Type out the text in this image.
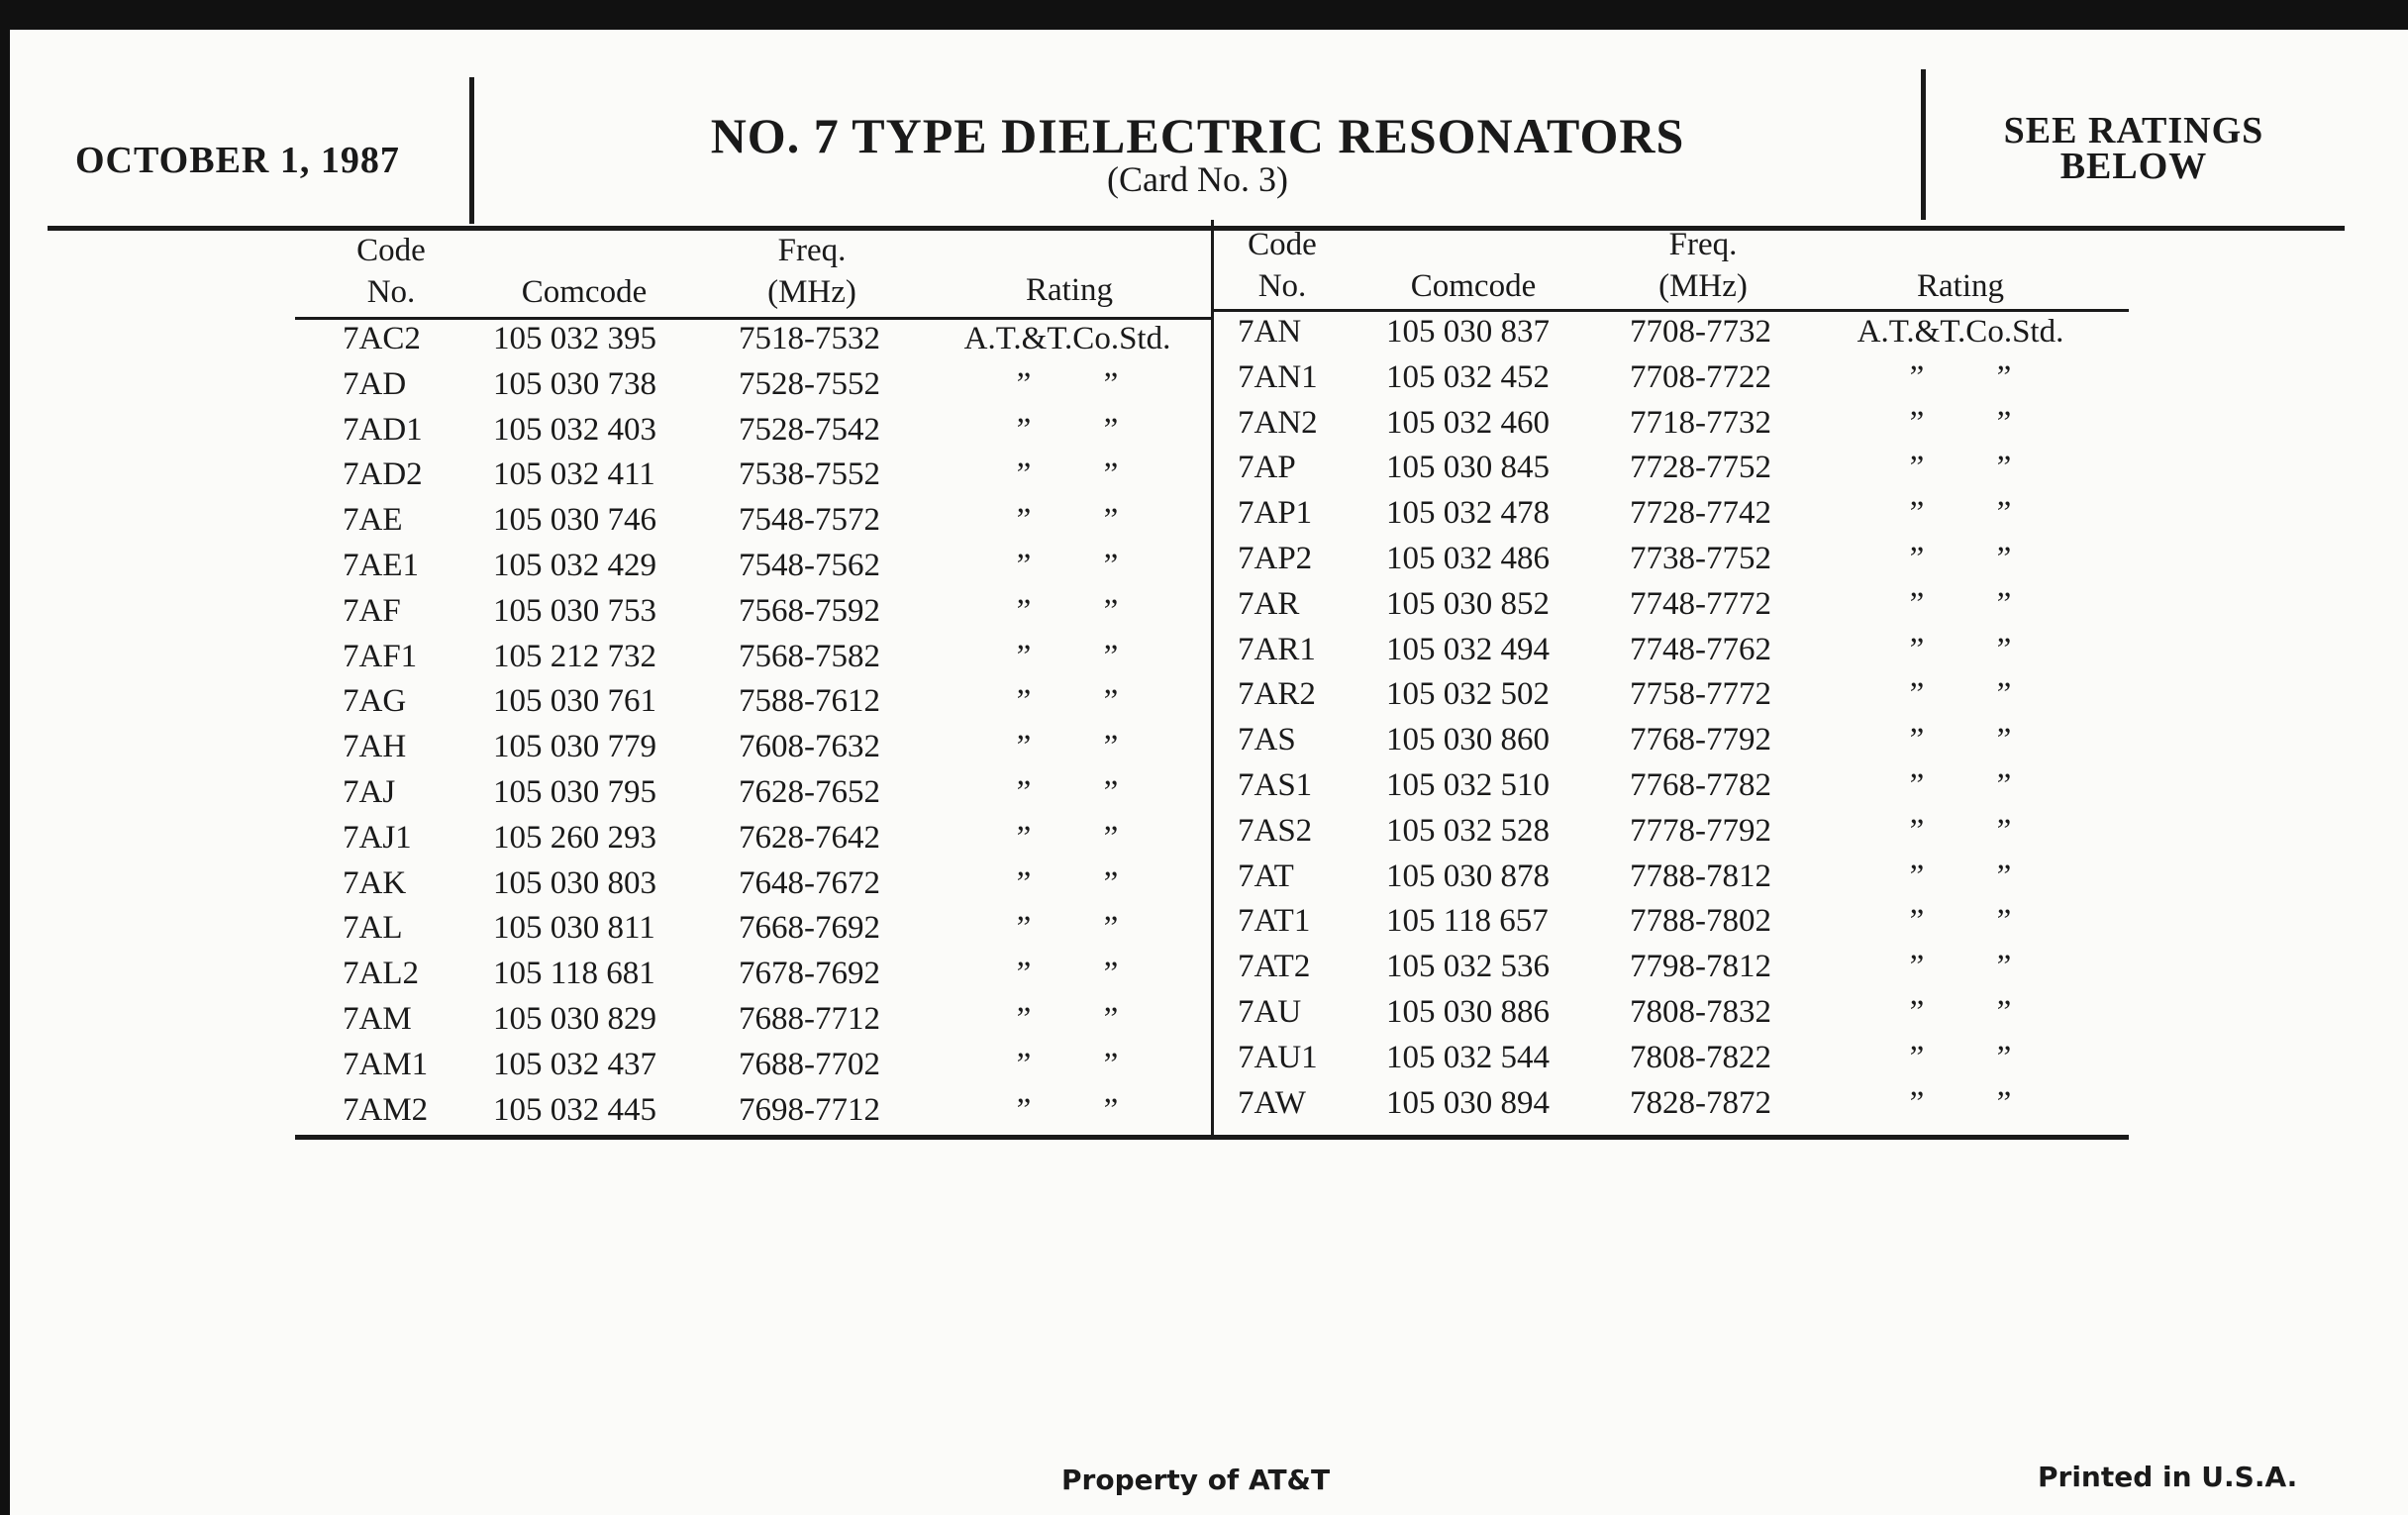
OCTOBER 1, 1987	NO. 7 TYPE DIELECTRIC RESONATORS
(Card No. 3)
SEE RATINGS
BELOW
Code
No.	Comcode
Freq.
(MHz)	Rating
Code
No.	Comcode
Freq.
(MHz)	Rating
7AC2	105 032 395	7518-7532	A.T.&T.Co.Std.
7AD	105 030 738	7528-7552	” ”
7AD1	105 032 403	7528-7542	” ”
7AD2	105 032 411	7538-7552	” ”
7AE	105 030 746	7548-7572	” ”
7AE1	105 032 429	7548-7562	” ”
7AF	105 030 753	7568-7592	” ”
7AF1	105 212 732	7568-7582	” ”
7AG	105 030 761	7588-7612	” ”
7AH	105 030 779	7608-7632	” ”
7AJ	105 030 795	7628-7652	” ”
7AJ1	105 260 293	7628-7642	” ”
7AK	105 030 803	7648-7672	” ”
7AL	105 030 811	7668-7692	” ”
7AL2	105 118 681	7678-7692	” ”
7AM	105 030 829	7688-7712	” ”
7AM1	105 032 437	7688-7702	” ”
7AM2	105 032 445	7698-7712	” ”
7AN	105 030 837	7708-7732	A.T.&T.Co.Std.
7AN1	105 032 452	7708-7722	” ”
7AN2	105 032 460	7718-7732	” ”
7AP	105 030 845	7728-7752	” ”
7AP1	105 032 478	7728-7742	” ”
7AP2	105 032 486	7738-7752	” ”
7AR	105 030 852	7748-7772	” ”
7AR1	105 032 494	7748-7762	” ”
7AR2	105 032 502	7758-7772	” ”
7AS	105 030 860	7768-7792	” ”
7AS1	105 032 510	7768-7782	” ”
7AS2	105 032 528	7778-7792	” ”
7AT	105 030 878	7788-7812	” ”
7AT1	105 118 657	7788-7802	” ”
7AT2	105 032 536	7798-7812	” ”
7AU	105 030 886	7808-7832	” ”
7AU1	105 032 544	7808-7822	” ”
7AW	105 030 894	7828-7872	” ”
Property of AT&T	Printed in U.S.A.
